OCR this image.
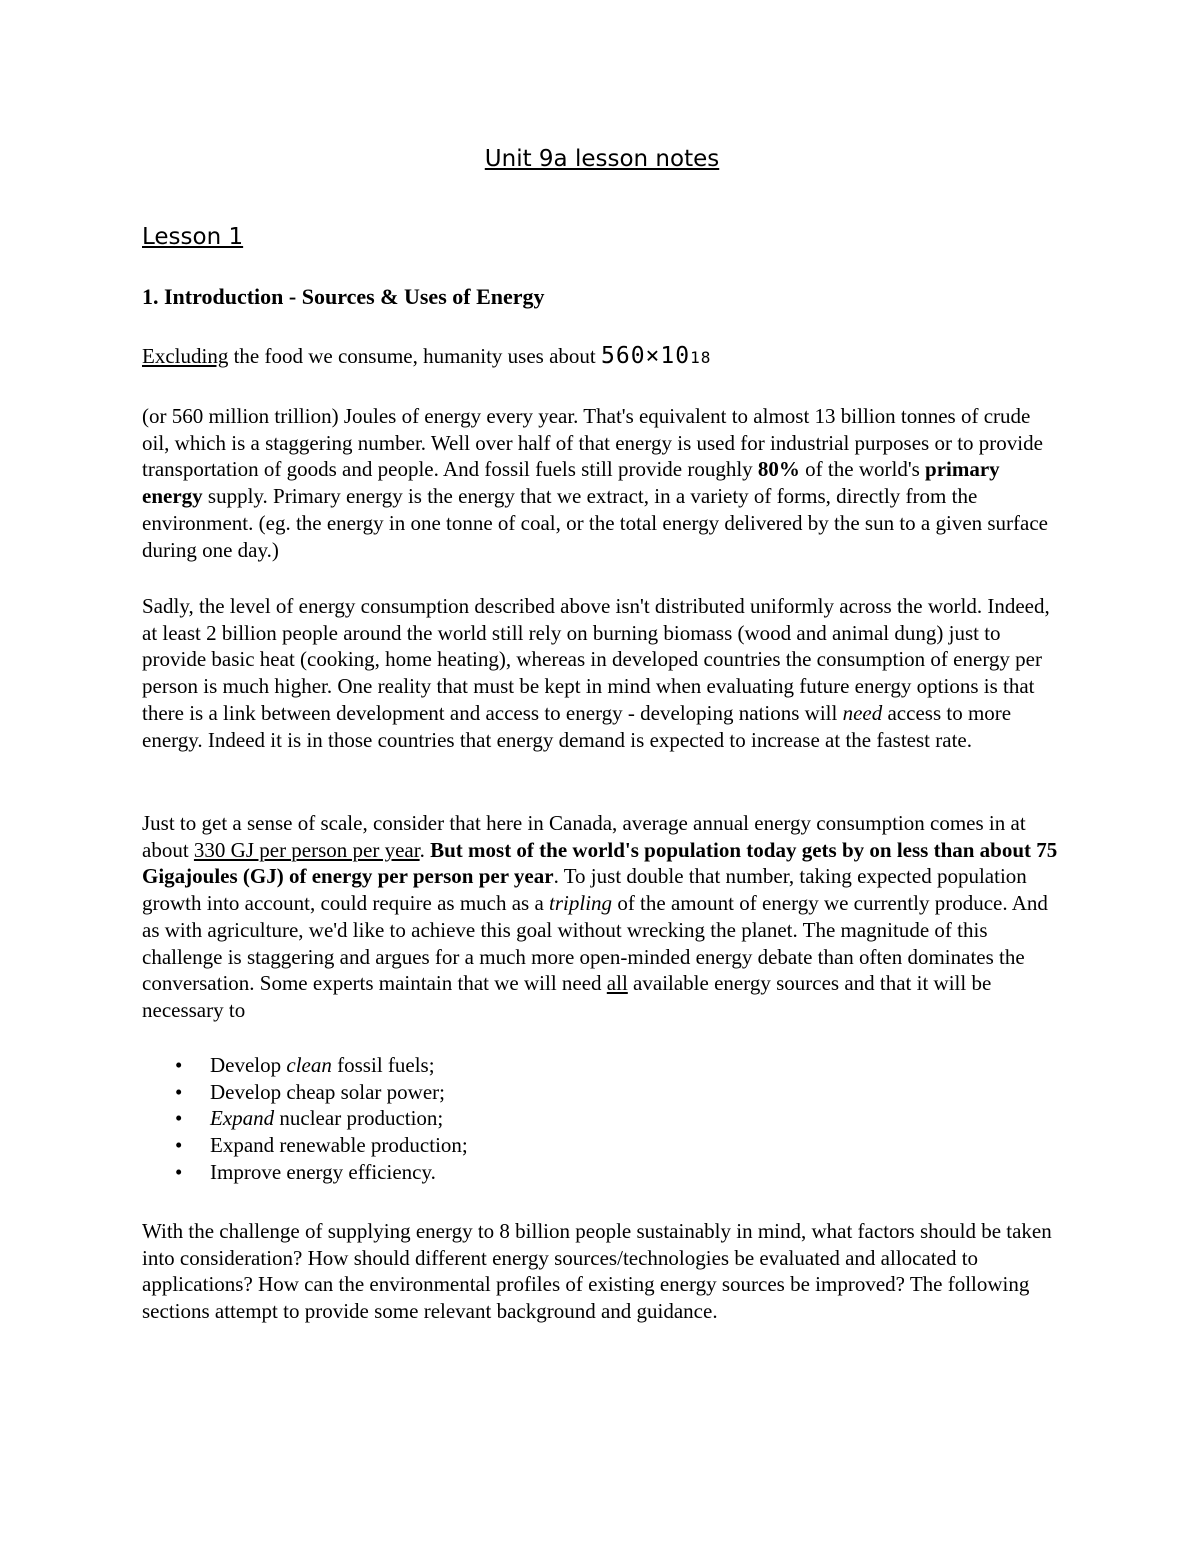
Unit 9a lesson notes
Lesson 1
1. Introduction - Sources & Uses of Energy

Excluding the food we consume, humanity uses about 560×1018

(or 560 million trillion) Joules of energy every year. That's equivalent to almost 13 billion tonnes of crude oil, which is a staggering number. Well over half of that energy is used for industrial purposes or to provide transportation of goods and people. And fossil fuels still provide roughly 80% of the world's primary energy supply. Primary energy is the energy that we extract, in a variety of forms, directly from the environment. (eg. the energy in one tonne of coal, or the total energy delivered by the sun to a given surface during one day.)

Sadly, the level of energy consumption described above isn't distributed uniformly across the world. Indeed, at least 2 billion people around the world still rely on burning biomass (wood and animal dung) just to provide basic heat (cooking, home heating), whereas in developed countries the consumption of energy per person is much higher. One reality that must be kept in mind when evaluating future energy options is that there is a link between development and access to energy - developing nations will need access to more energy. Indeed it is in those countries that energy demand is expected to increase at the fastest rate.

Just to get a sense of scale, consider that here in Canada, average annual energy consumption comes in at about 330 GJ per person per year. But most of the world's population today gets by on less than about 75 Gigajoules (GJ) of energy per person per year. To just double that number, taking expected population growth into account, could require as much as a tripling of the amount of energy we currently produce. And as with agriculture, we'd like to achieve this goal without wrecking the planet. The magnitude of this challenge is staggering and argues for a much more open-minded energy debate than often dominates the conversation. Some experts maintain that we will need all available energy sources and that it will be necessary to

• Develop clean fossil fuels;
• Develop cheap solar power;
• Expand nuclear production;
• Expand renewable production;
• Improve energy efficiency.

With the challenge of supplying energy to 8 billion people sustainably in mind, what factors should be taken into consideration? How should different energy sources/technologies be evaluated and allocated to applications? How can the environmental profiles of existing energy sources be improved? The following sections attempt to provide some relevant background and guidance.
